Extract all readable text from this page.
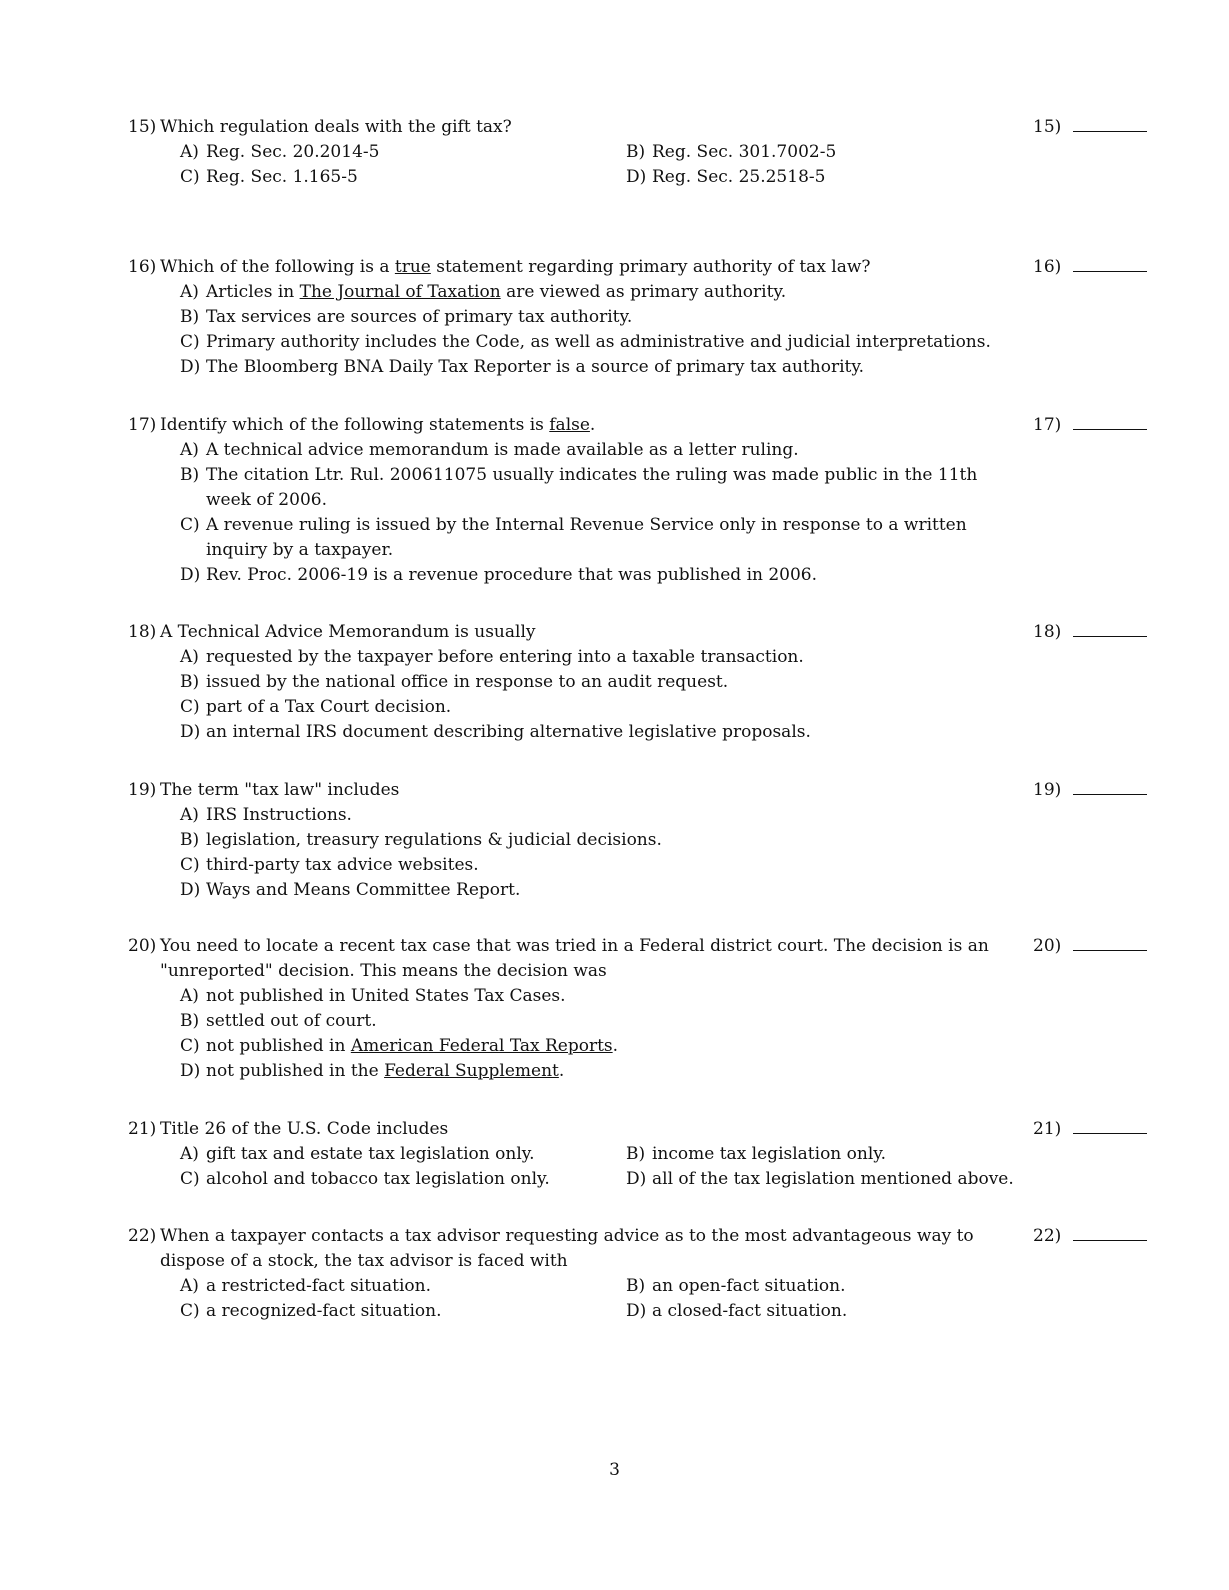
15) Which regulation deals with the gift tax?	15)
A) Reg. Sec. 20.2014-5	B) Reg. Sec. 301.7002-5
C) Reg. Sec. 1.165-5	D) Reg. Sec. 25.2518-5
16) Which of the following is a true statement regarding primary authority of tax law?	16)
A) Articles in The Journal of Taxation are viewed as primary authority.
B) Tax services are sources of primary tax authority.
C) Primary authority includes the Code, as well as administrative and judicial interpretations.
D) The Bloomberg BNA Daily Tax Reporter is a source of primary tax authority.
17) Identify which of the following statements is false.	17)
A) A technical advice memorandum is made available as a letter ruling.
B) The citation Ltr. Rul. 200611075 usually indicates the ruling was made public in the 11th week of 2006.
C) A revenue ruling is issued by the Internal Revenue Service only in response to a written inquiry by a taxpayer.
D) Rev. Proc. 2006-19 is a revenue procedure that was published in 2006.
18) A Technical Advice Memorandum is usually	18)
A) requested by the taxpayer before entering into a taxable transaction.
B) issued by the national office in response to an audit request.
C) part of a Tax Court decision.
D) an internal IRS document describing alternative legislative proposals.
19) The term "tax law" includes	19)
A) IRS Instructions.
B) legislation, treasury regulations & judicial decisions.
C) third-party tax advice websites.
D) Ways and Means Committee Report.
20) You need to locate a recent tax case that was tried in a Federal district court. The decision is an "unreported" decision. This means the decision was
20)
A) not published in United States Tax Cases.
B) settled out of court.
C) not published in American Federal Tax Reports.
D) not published in the Federal Supplement.
21) Title 26 of the U.S. Code includes	21)
A) gift tax and estate tax legislation only.	B) income tax legislation only.
C) alcohol and tobacco tax legislation only.	D) all of the tax legislation mentioned above.
22) When a taxpayer contacts a tax advisor requesting advice as to the most advantageous way to dispose of a stock, the tax advisor is faced with
22)
A) a restricted-fact situation.	B) an open-fact situation.
C) a recognized-fact situation.	D) a closed-fact situation.
3
